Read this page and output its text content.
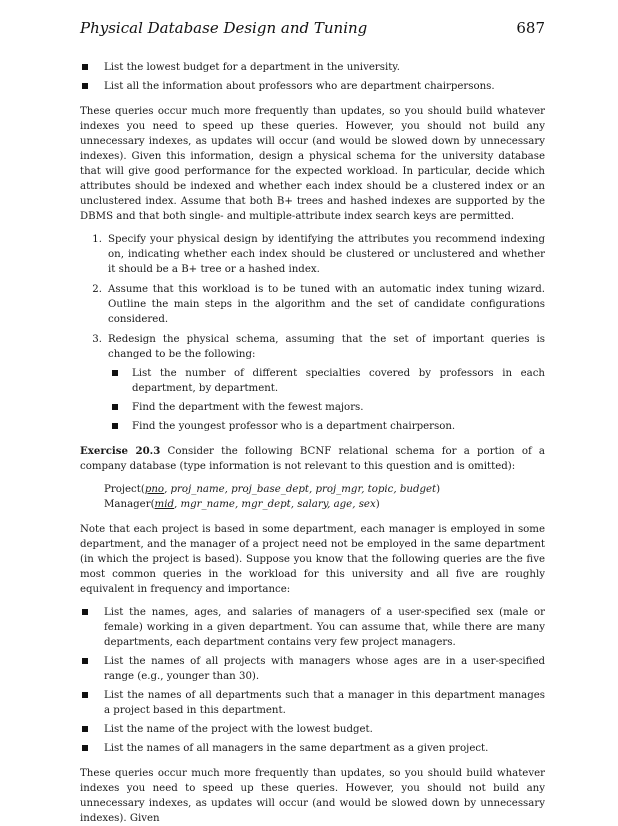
Physical Database Design and Tuning	687
List the lowest budget for a department in the university.
List all the information about professors who are department chairpersons.

These queries occur much more frequently than updates, so you should build whatever indexes you need to speed up these queries. However, you should not build any unnecessary indexes, as updates will occur (and would be slowed down by unnecessary indexes). Given this information, design a physical schema for the university database that will give good performance for the expected workload. In particular, decide which attributes should be indexed and whether each index should be a clustered index or an unclustered index. Assume that both B+ trees and hashed indexes are supported by the DBMS and that both single- and multiple-attribute index search keys are permitted.

1. Specify your physical design by identifying the attributes you recommend indexing on, indicating whether each index should be clustered or unclustered and whether it should be a B+ tree or a hashed index.
2. Assume that this workload is to be tuned with an automatic index tuning wizard. Outline the main steps in the algorithm and the set of candidate configurations considered.
3. Redesign the physical schema, assuming that the set of important queries is changed to be the following:
List the number of different specialties covered by professors in each department, by department.
Find the department with the fewest majors.
Find the youngest professor who is a department chairperson.

Exercise 20.3 Consider the following BCNF relational schema for a portion of a company database (type information is not relevant to this question and is omitted):

Project(pno, proj_name, proj_base_dept, proj_mgr, topic, budget)
Manager(mid, mgr_name, mgr_dept, salary, age, sex)

Note that each project is based in some department, each manager is employed in some department, and the manager of a project need not be employed in the same department (in which the project is based). Suppose you know that the following queries are the five most common queries in the workload for this university and all five are roughly equivalent in frequency and importance:

List the names, ages, and salaries of managers of a user-specified sex (male or female) working in a given department. You can assume that, while there are many departments, each department contains very few project managers.
List the names of all projects with managers whose ages are in a user-specified range (e.g., younger than 30).
List the names of all departments such that a manager in this department manages a project based in this department.
List the name of the project with the lowest budget.
List the names of all managers in the same department as a given project.

These queries occur much more frequently than updates, so you should build whatever indexes you need to speed up these queries. However, you should not build any unnecessary indexes, as updates will occur (and would be slowed down by unnecessary indexes). Given
